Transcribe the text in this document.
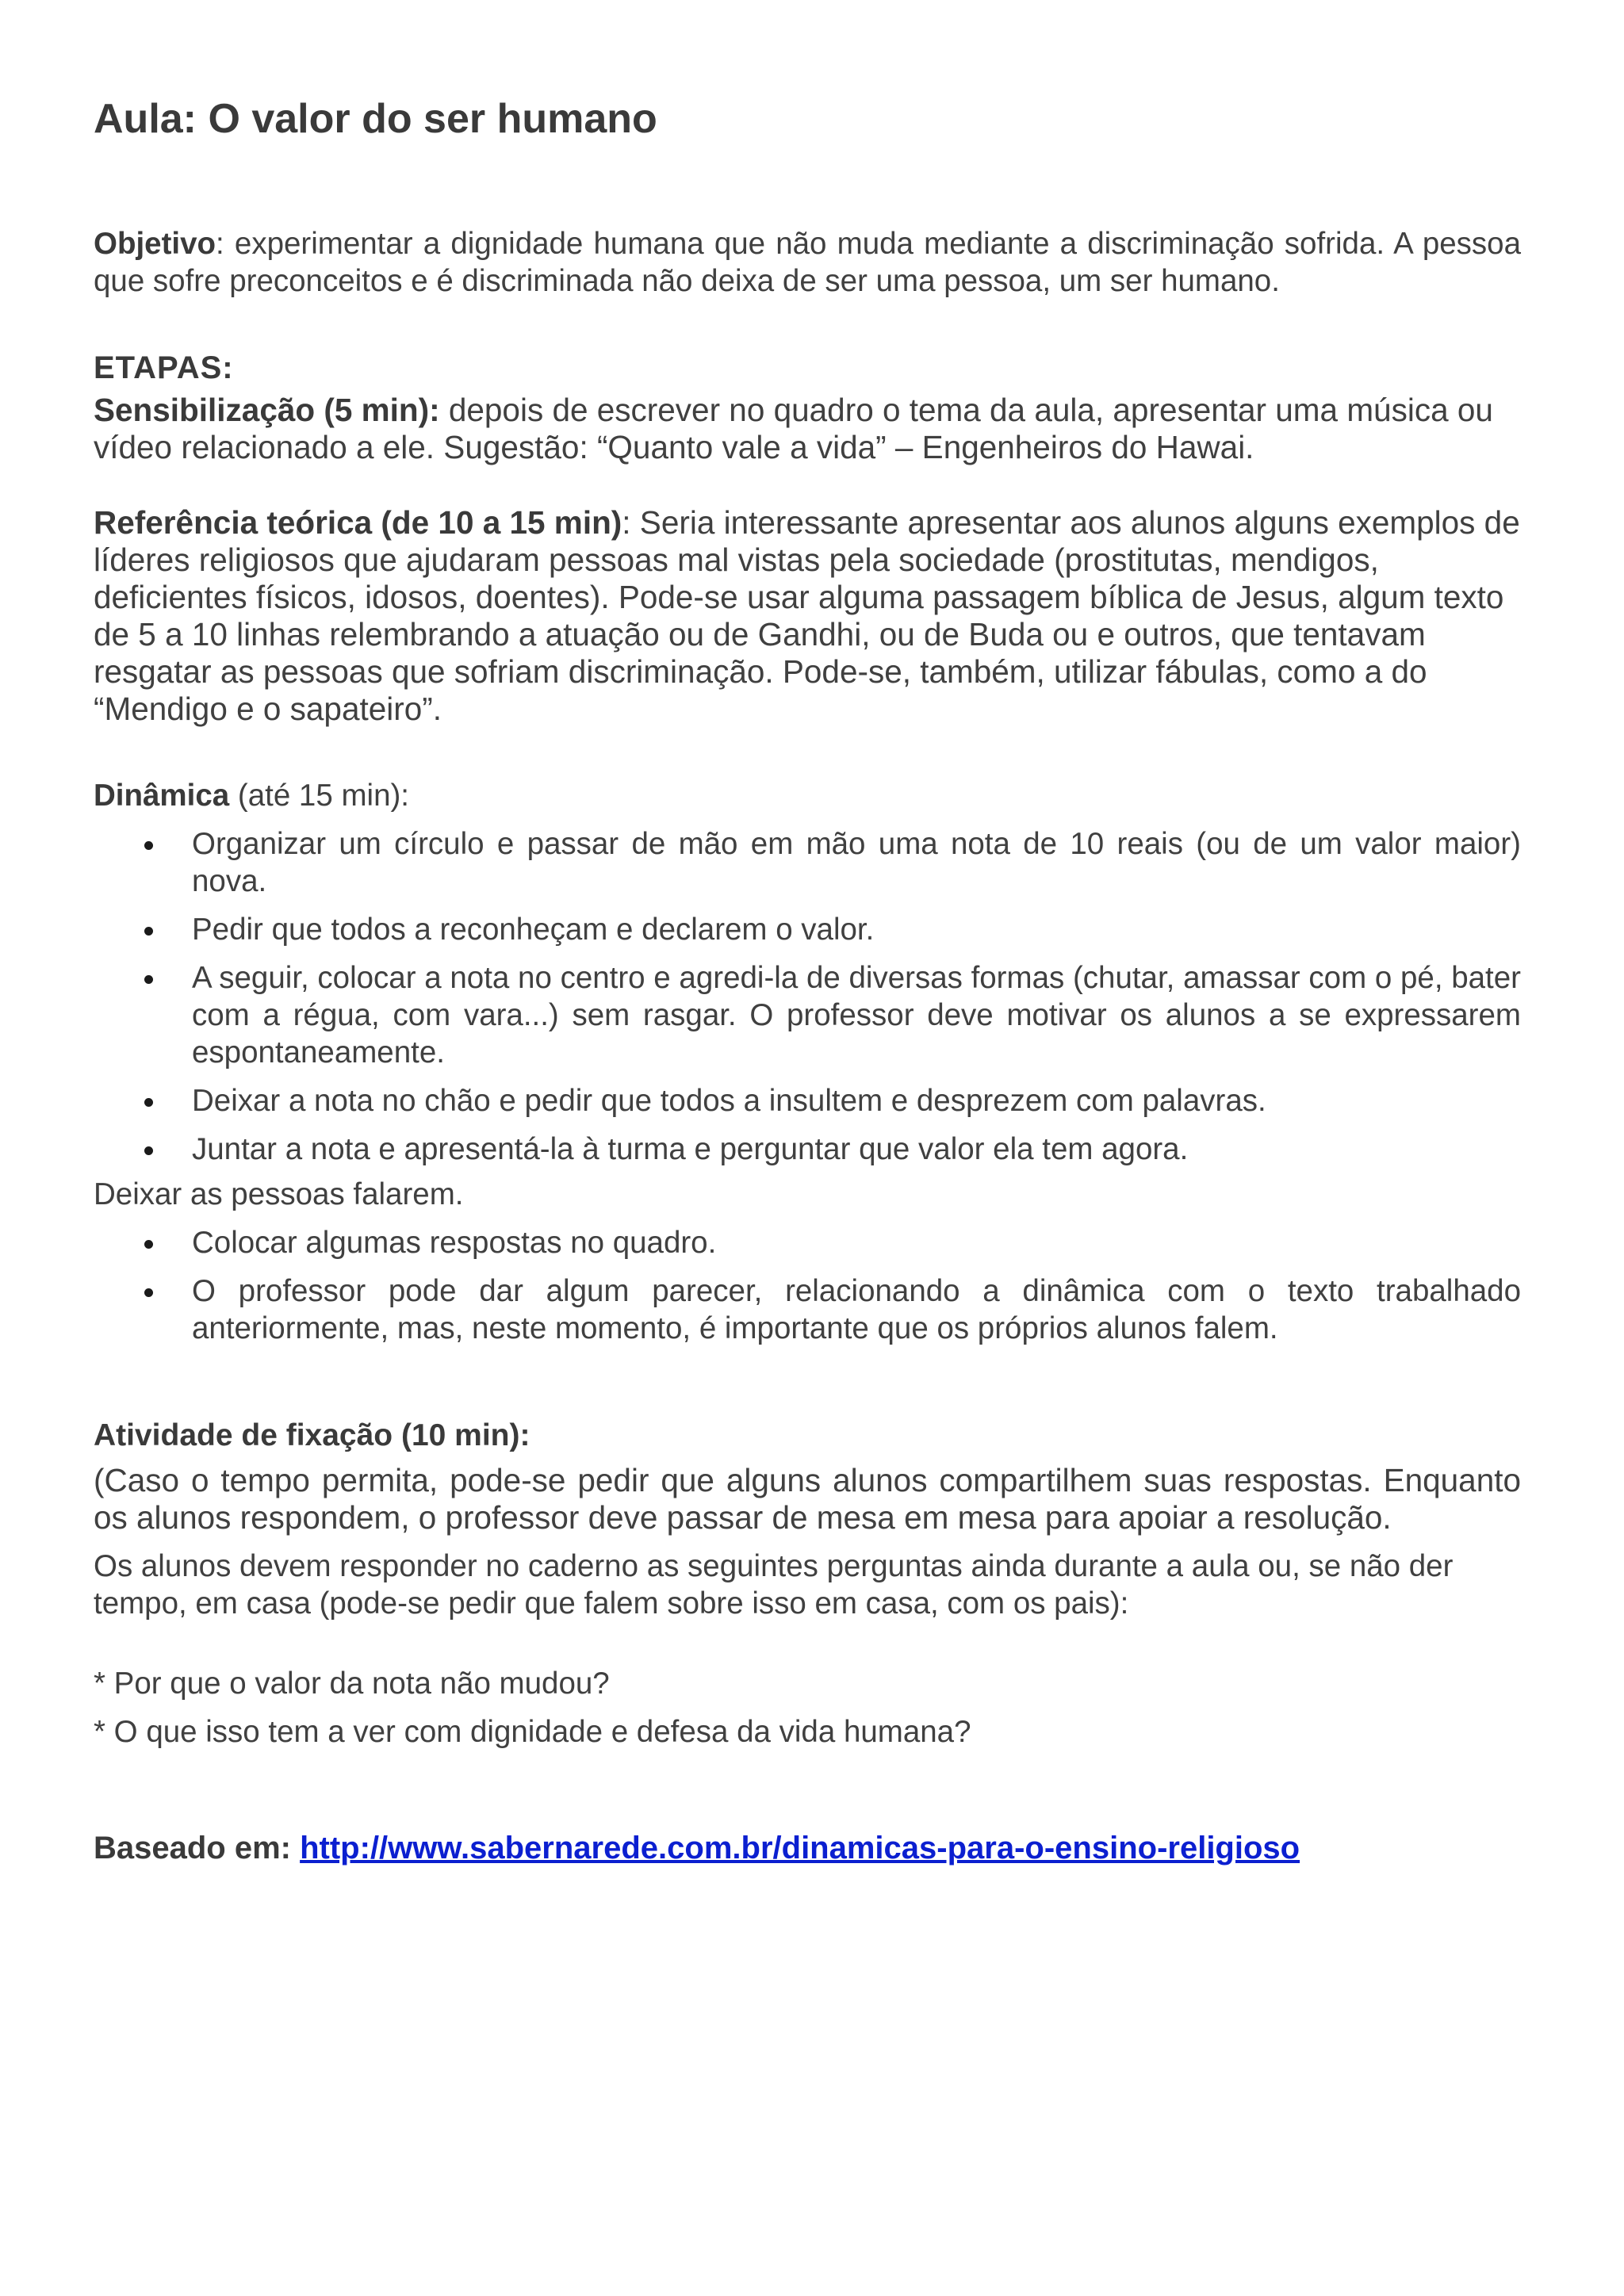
Aula: O valor do ser humano

Objetivo: experimentar a dignidade humana que não muda mediante a discriminação sofrida. A pessoa que sofre preconceitos e é discriminada não deixa de ser uma pessoa, um ser humano.

ETAPAS:

Sensibilização (5 min): depois de escrever no quadro o tema da aula, apresentar uma música ou vídeo relacionado a ele. Sugestão: “Quanto vale a vida” – Engenheiros do Hawai.

Referência teórica (de 10 a 15 min): Seria interessante apresentar aos alunos alguns exemplos de líderes religiosos que ajudaram pessoas mal vistas pela sociedade (prostitutas, mendigos, deficientes físicos, idosos, doentes). Pode-se usar alguma passagem bíblica de Jesus, algum texto de 5 a 10 linhas relembrando a atuação ou de Gandhi, ou de Buda ou e outros, que tentavam resgatar as pessoas que sofriam discriminação. Pode-se, também, utilizar fábulas, como a do “Mendigo e o sapateiro”.

Dinâmica (até 15 min):

Organizar um círculo e passar de mão em mão uma nota de 10 reais (ou de um valor maior) nova.
Pedir que todos a reconheçam e declarem o valor.
A seguir, colocar a nota no centro e agredi-la de diversas formas (chutar, amassar com o pé, bater com a régua, com vara...) sem rasgar. O professor deve motivar os alunos a se expressarem espontaneamente.
Deixar a nota no chão e pedir que todos a insultem e desprezem com palavras.
Juntar a nota e apresentá-la à turma e perguntar que valor ela tem agora.

Deixar as pessoas falarem.

Colocar algumas respostas no quadro.
O professor pode dar algum parecer, relacionando a dinâmica com o texto trabalhado anteriormente, mas, neste momento, é importante que os próprios alunos falem.

Atividade de fixação (10 min):

(Caso o tempo permita, pode-se pedir que alguns alunos compartilhem suas respostas. Enquanto os alunos respondem, o professor deve passar de mesa em mesa para apoiar a resolução.

Os alunos devem responder no caderno as seguintes perguntas ainda durante a aula ou, se não der tempo, em casa (pode-se pedir que falem sobre isso em casa, com os pais):

* Por que o valor da nota não mudou?

* O que isso tem a ver com dignidade e defesa da vida humana?

Baseado em: http://www.sabernarede.com.br/dinamicas-para-o-ensino-religioso
